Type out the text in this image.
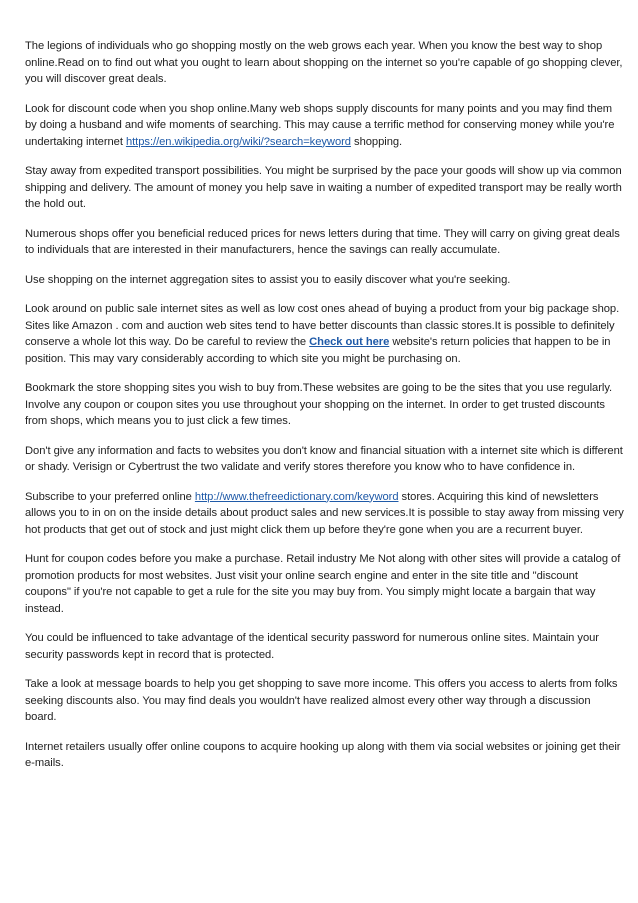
The legions of individuals who go shopping mostly on the web grows each year. When you know the best way to shop online.Read on to find out what you ought to learn about shopping on the internet so you're capable of go shopping clever, you will discover great deals.

Look for discount code when you shop online.Many web shops supply discounts for many points and you may find them by doing a husband and wife moments of searching. This may cause a terrific method for conserving money while you're undertaking internet https://en.wikipedia.org/wiki/?search=keyword shopping.

Stay away from expedited transport possibilities. You might be surprised by the pace your goods will show up via common shipping and delivery. The amount of money you help save in waiting a number of expedited transport may be really worth the hold out.

Numerous shops offer you beneficial reduced prices for news letters during that time. They will carry on giving great deals to individuals that are interested in their manufacturers, hence the savings can really accumulate.

Use shopping on the internet aggregation sites to assist you to easily discover what you're seeking.

Look around on public sale internet sites as well as low cost ones ahead of buying a product from your big package shop. Sites like Amazon . com and auction web sites tend to have better discounts than classic stores.It is possible to definitely conserve a whole lot this way. Do be careful to review the Check out here website's return policies that happen to be in position. This may vary considerably according to which site you might be purchasing on.

Bookmark the store shopping sites you wish to buy from.These websites are going to be the sites that you use regularly. Involve any coupon or coupon sites you use throughout your shopping on the internet. In order to get trusted discounts from shops, which means you to just click a few times.

Don't give any information and facts to websites you don't know and financial situation with a internet site which is different or shady. Verisign or Cybertrust the two validate and verify stores therefore you know who to have confidence in.

Subscribe to your preferred online http://www.thefreedictionary.com/keyword stores. Acquiring this kind of newsletters allows you to in on on the inside details about product sales and new services.It is possible to stay away from missing very hot products that get out of stock and just might click them up before they're gone when you are a recurrent buyer.

Hunt for coupon codes before you make a purchase. Retail industry Me Not along with other sites will provide a catalog of promotion products for most websites. Just visit your online search engine and enter in the site title and "discount coupons" if you're not capable to get a rule for the site you may buy from. You simply might locate a bargain that way instead.

You could be influenced to take advantage of the identical security password for numerous online sites. Maintain your security passwords kept in record that is protected.

Take a look at message boards to help you get shopping to save more income. This offers you access to alerts from folks seeking discounts also. You may find deals you wouldn't have realized almost every other way through a discussion board.

Internet retailers usually offer online coupons to acquire hooking up along with them via social websites or joining get their e-mails.
